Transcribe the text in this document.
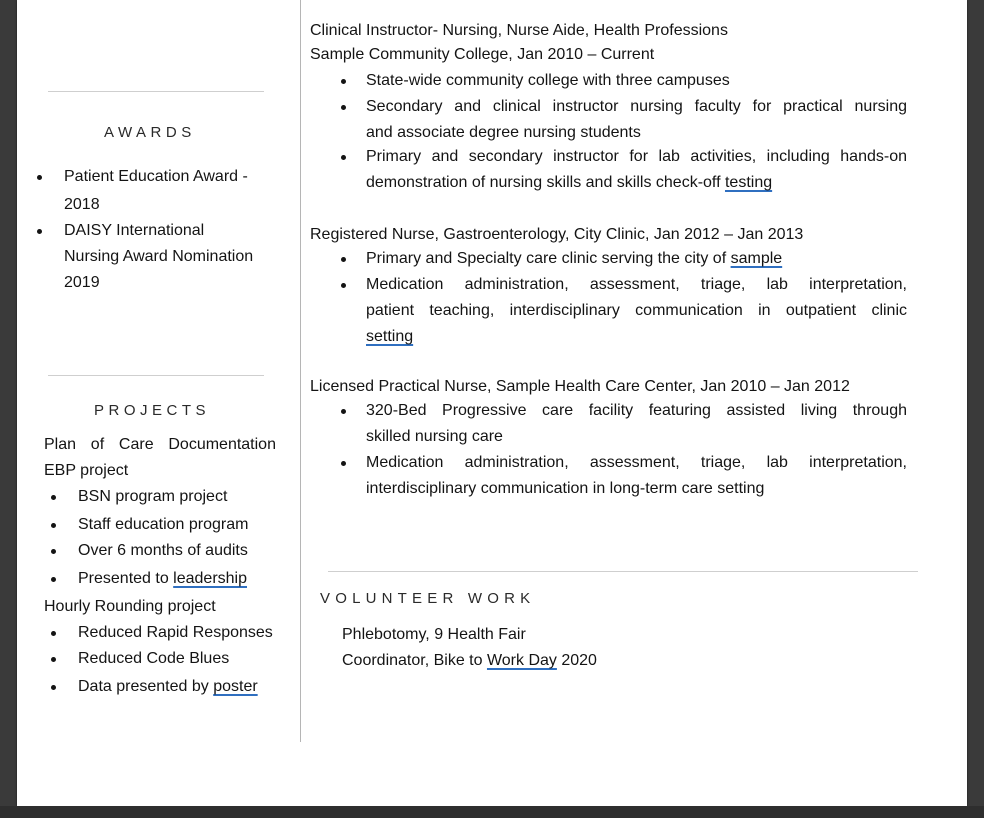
AWARDS
Patient Education Award -
2018
DAISY International
Nursing Award Nomination
2019
PROJECTS
Plan of Care Documentation
EBP project
BSN program project
Staff education program
Over 6 months of audits
Presented to leadership
Hourly Rounding project
Reduced Rapid Responses
Reduced Code Blues
Data presented by poster
Clinical Instructor- Nursing, Nurse Aide, Health Professions
Sample Community College, Jan 2010 – Current
State-wide community college with three campuses
Secondary and clinical instructor nursing faculty for practical nursing
and associate degree nursing students
Primary and secondary instructor for lab activities, including hands-on
demonstration of nursing skills and skills check-off testing
Registered Nurse, Gastroenterology, City Clinic, Jan 2012 – Jan 2013
Primary and Specialty care clinic serving the city of sample
Medication administration, assessment, triage, lab interpretation,
patient teaching, interdisciplinary communication in outpatient clinic
setting
Licensed Practical Nurse, Sample Health Care Center, Jan 2010 – Jan 2012
320-Bed Progressive care facility featuring assisted living through
skilled nursing care
Medication administration, assessment, triage, lab interpretation,
interdisciplinary communication in long-term care setting
VOLUNTEER WORK
Phlebotomy, 9 Health Fair
Coordinator, Bike to Work Day 2020
